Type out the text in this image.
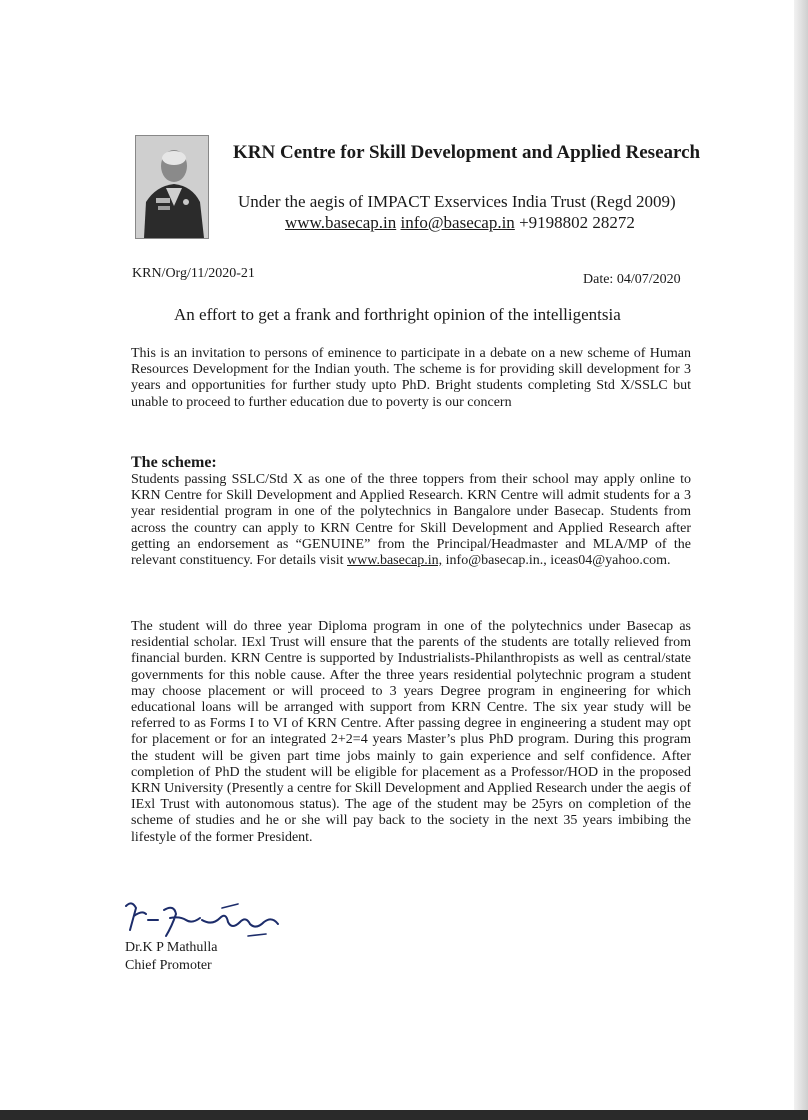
KRN Centre for Skill Development and Applied Research
Under the aegis of IMPACT Exservices India Trust (Regd 2009)
www.basecap.in info@basecap.in +9198802 28272
KRN/Org/11/2020-21	Date: 04/07/2020
An effort to get a frank and forthright opinion of the intelligentsia

This is an invitation to persons of eminence to participate in a debate on a new scheme of Human Resources Development for the Indian youth. The scheme is for providing skill development for 3 years and opportunities for further study upto PhD. Bright students completing Std X/SSLC but unable to proceed to further education due to poverty is our concern

The scheme:

Students passing SSLC/Std X as one of the three toppers from their school may apply online to KRN Centre for Skill Development and Applied Research. KRN Centre will admit students for a 3 year residential program in one of the polytechnics in Bangalore under Basecap. Students from across the country can apply to KRN Centre for Skill Development and Applied Research after getting an endorsement as “GENUINE” from the Principal/Headmaster and MLA/MP of the relevant constituency. For details visit www.basecap.in, info@basecap.in., iceas04@yahoo.com.

The student will do three year Diploma program in one of the polytechnics under Basecap as residential scholar. IExl Trust will ensure that the parents of the students are totally relieved from financial burden. KRN Centre is supported by Industrialists-Philanthropists as well as central/state governments for this noble cause. After the three years residential polytechnic program a student may choose placement or will proceed to 3 years Degree program in engineering for which educational loans will be arranged with support from KRN Centre. The six year study will be referred to as Forms I to VI of KRN Centre. After passing degree in engineering a student may opt for placement or for an integrated 2+2=4 years Master’s plus PhD program. During this program the student will be given part time jobs mainly to gain experience and self confidence. After completion of PhD the student will be eligible for placement as a Professor/HOD in the proposed KRN University (Presently a centre for Skill Development and Applied Research under the aegis of IExl Trust with autonomous status). The age of the student may be 25yrs on completion of the scheme of studies and he or she will pay back to the society in the next 35 years imbibing the lifestyle of the former President.

Dr.K P Mathulla
Chief Promoter
